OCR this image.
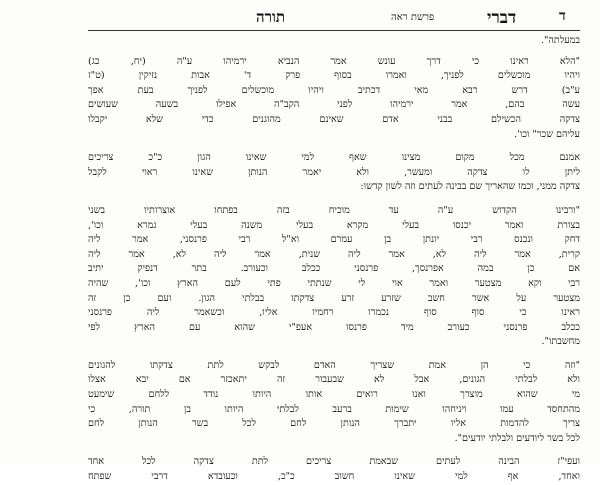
ד
דברי
פרשת ראה
תורה
במעלתה".
"הלא ראינו כי דרך עונש אמר הנביא ירמיהו ע"ה (יח, כג)
ויהיו מוכשלים לפניך, ואמרו בסוף פרק ד' אבות נזיקין (ט"ז
ע"ב) דרש רבא מאי דכתיב ויהיו מוכשלים לפניך בעת אפך
עשה בהם, אמר ירמיהו לפני הקב"ה אפילו בשעה שעושים
צדקה הכשילם בבני אדם שאינם מהוגנים כדי שלא יקבלו
עליהם שכר" וכו'.
אמנם מכל מקום מצינו שאף למי שאינו הגון כ"כ צריכים
ליתן לו צדקה ומעשר, ולא יאמר הנותן שאינו ראוי לקבל
צדקה ממני, וכמו שהאריך שם בבינה לעתים וזה לשון קדשו:
"ורבינו הקדוש ע"ה עד מוכיח בזה בפתחו אוצרותיו בשני
בצורת ואמר יכנסו בעלי מקרא בעלי משנה בעלי גמרא וכו',
דחק ונכנס רבי יונתן בן עמרם וא"ל רבי פרנסני, אמר ליה
קרית, אמר ליה לא, אמר ליה שנית, אמר ליה לא, אמר ליה
אם כן במה אפרנסך, פרנסני ככלב וכעורב. בתר דנפיק יתיב
רבי וקא מצטער ואמר אוי לי שנתתי פתי לעם הארץ וכו', שהיה
מצטער על אשר חשב שזרע זרע צדקתו בבלתי הגון. ועם כן זה
ראינו כי סוף סוף נכמרו רחמיו אליו, וכשאמר ליה פרנסני
ככלב פרנסני כעורב מיד פרנסו אעפ"י שהוא עם הארץ לפי
מחשבתו".
"וזה כי הן אמת שצריך האדם לבקש לתת צדקתו להגונים
ולא לבלתי הגונים, אבל לא שבעבור זה יתאכזר אם יבא אצלו
מי שהוא מוצרך ואנו רואים אותו היותו נודד ללחם שימעט
מהתחסד עמו ויניחהו שימות ברעב לבלתי היותו בן תורה, כי
צריך להדמות אליו יתברך הנותן לחם לכל בשר הנותן לחם
לכל בשר ליודעים ולבלתי יודעים".
ועפי"ז הבינה לעתים שבאמת צריכים לתת צדקה לכל אחד
ואחד, אף למי שאינו חשוב כ"כ, וכעובדא דרבי שפתח
